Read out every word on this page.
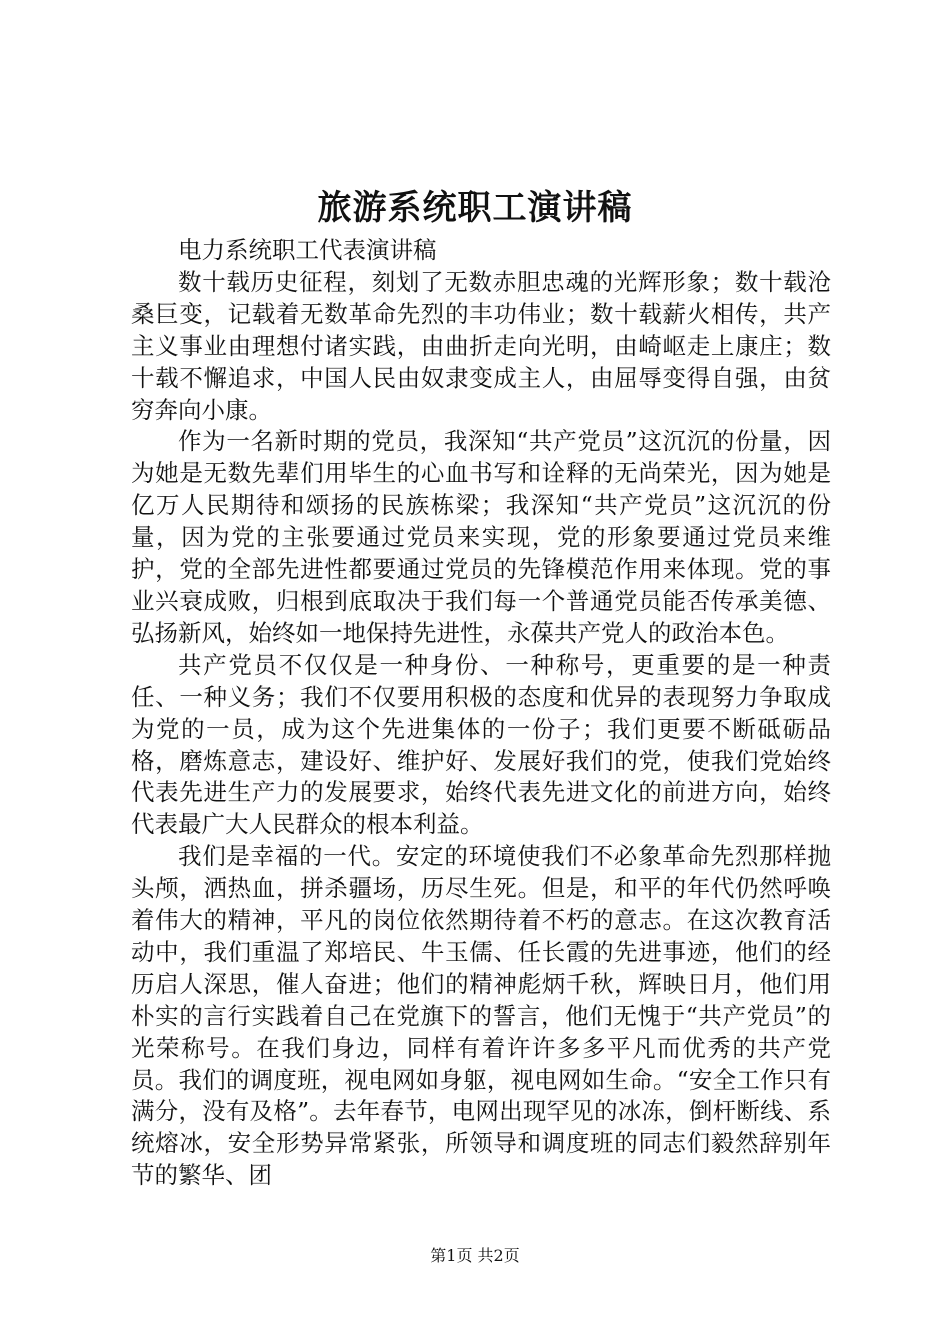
旅游系统职工演讲稿

电力系统职工代表演讲稿

数十载历史征程，刻划了无数赤胆忠魂的光辉形象；数十载沧桑巨变，记载着无数革命先烈的丰功伟业；数十载薪火相传，共产主义事业由理想付诸实践，由曲折走向光明，由崎岖走上康庄；数十载不懈追求，中国人民由奴隶变成主人，由屈辱变得自强，由贫穷奔向小康。

作为一名新时期的党员，我深知“共产党员”这沉沉的份量，因为她是无数先辈们用毕生的心血书写和诠释的无尚荣光，因为她是亿万人民期待和颂扬的民族栋梁；我深知“共产党员”这沉沉的份量，因为党的主张要通过党员来实现，党的形象要通过党员来维护，党的全部先进性都要通过党员的先锋模范作用来体现。党的事业兴衰成败，归根到底取决于我们每一个普通党员能否传承美德、弘扬新风，始终如一地保持先进性，永葆共产党人的政治本色。

共产党员不仅仅是一种身份、一种称号，更重要的是一种责任、一种义务；我们不仅要用积极的态度和优异的表现努力争取成为党的一员，成为这个先进集体的一份子；我们更要不断砥砺品格，磨炼意志，建设好、维护好、发展好我们的党，使我们党始终代表先进生产力的发展要求，始终代表先进文化的前进方向，始终代表最广大人民群众的根本利益。

我们是幸福的一代。安定的环境使我们不必象革命先烈那样抛头颅，洒热血，拼杀疆场，历尽生死。但是，和平的年代仍然呼唤着伟大的精神，平凡的岗位依然期待着不朽的意志。在这次教育活动中，我们重温了郑培民、牛玉儒、任长霞的先进事迹，他们的经历启人深思，催人奋进；他们的精神彪炳千秋，辉映日月，他们用朴实的言行实践着自己在党旗下的誓言，他们无愧于“共产党员”的光荣称号。在我们身边，同样有着许许多多平凡而优秀的共产党员。我们的调度班，视电网如身躯，视电网如生命。“安全工作只有满分，没有及格”。去年春节，电网出现罕见的冰冻，倒杆断线、系统熔冰，安全形势异常紧张，所领导和调度班的同志们毅然辞别年节的繁华、团

第1页 共2页
